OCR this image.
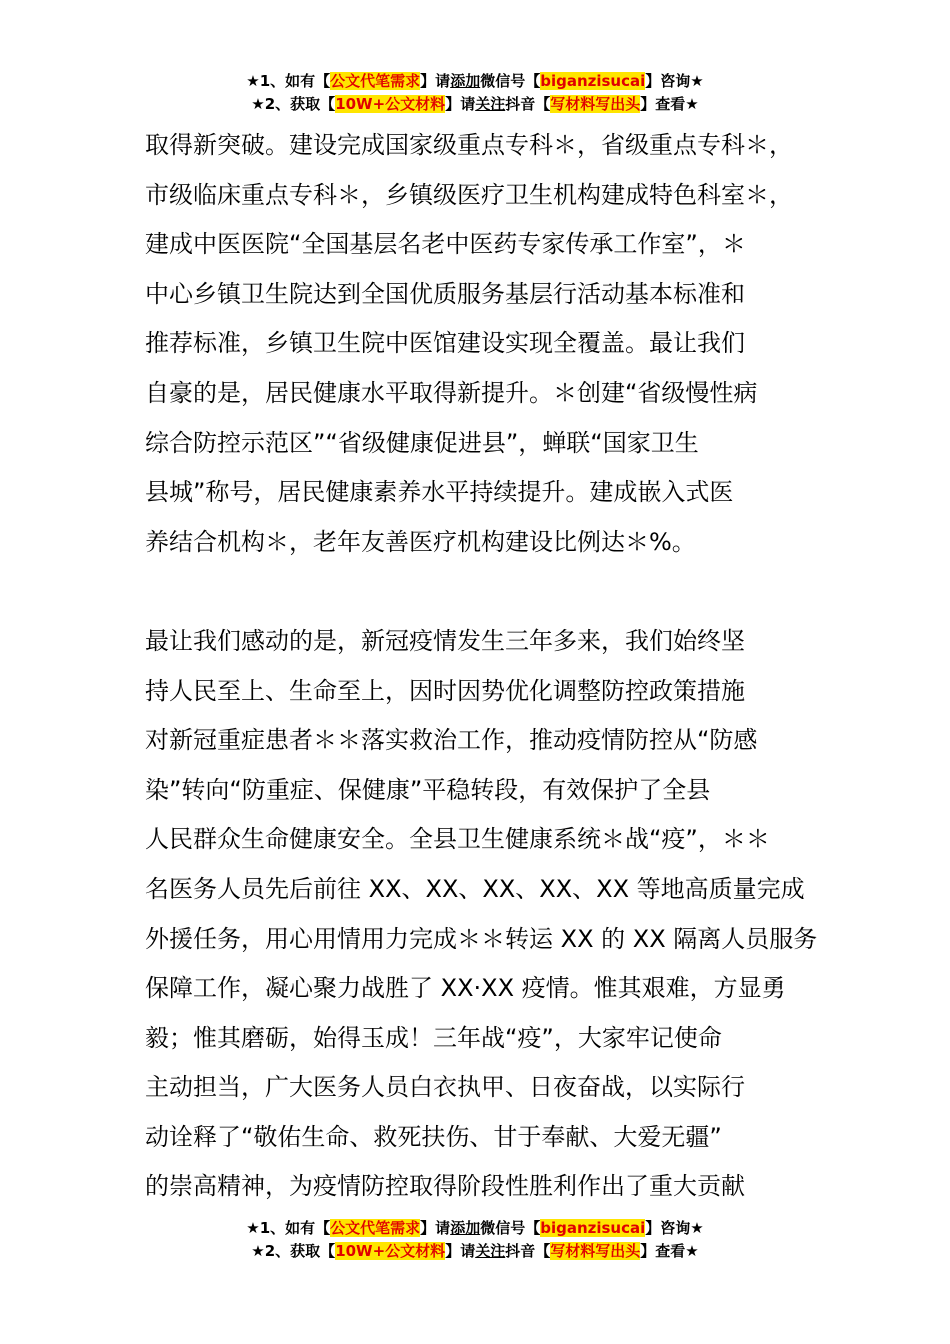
★1、如有【公文代笔需求】请添加微信号【biganzisucai】咨询★
★2、获取【10W+公文材料】请关注抖音【写材料写出头】查看★

取得新突破。建设完成国家级重点专科＊，省级重点专科＊，
市级临床重点专科＊，乡镇级医疗卫生机构建成特色科室＊，
建成中医医院“全国基层名老中医药专家传承工作室”，＊
中心乡镇卫生院达到全国优质服务基层行活动基本标准和
推荐标准，乡镇卫生院中医馆建设实现全覆盖。最让我们
自豪的是，居民健康水平取得新提升。＊创建“省级慢性病
综合防控示范区”“省级健康促进县”，蝉联“国家卫生
县城”称号，居民健康素养水平持续提升。建成嵌入式医
养结合机构＊，老年友善医疗机构建设比例达＊%。

最让我们感动的是，新冠疫情发生三年多来，我们始终坚
持人民至上、生命至上，因时因势优化调整防控政策措施
对新冠重症患者＊＊落实救治工作，推动疫情防控从“防感
染”转向“防重症、保健康”平稳转段，有效保护了全县
人民群众生命健康安全。全县卫生健康系统＊战“疫”，＊＊
名医务人员先后前往 XX、XX、XX、XX、XX 等地高质量完成
外援任务，用心用情用力完成＊＊转运 XX 的 XX 隔离人员服务
保障工作，凝心聚力战胜了 XX·XX 疫情。惟其艰难，方显勇
毅；惟其磨砺，始得玉成！三年战“疫”，大家牢记使命
主动担当，广大医务人员白衣执甲、日夜奋战，以实际行
动诠释了“敬佑生命、救死扶伤、甘于奉献、大爱无疆”
的崇高精神，为疫情防控取得阶段性胜利作出了重大贡献

★1、如有【公文代笔需求】请添加微信号【biganzisucai】咨询★
★2、获取【10W+公文材料】请关注抖音【写材料写出头】查看★
